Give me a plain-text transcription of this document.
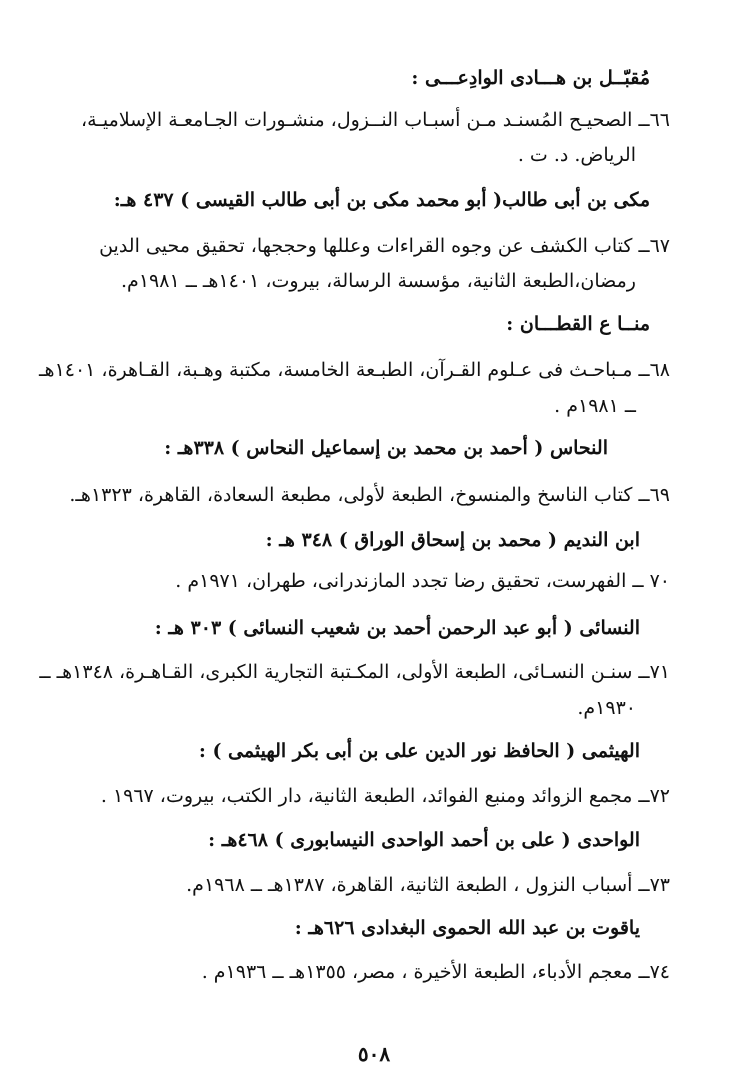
مُقبّــل بن هـــادى الوادِعـــى :
٦٦ــ الصحيـح المُسنـد مـن أسبـاب النــزول، منشـورات الجـامعـة الإسلاميـة،
الرياض. د. ت .
مكى بن أبى طالب( أبو محمد مكى بن أبى طالب القيسى ) ٤٣٧ هـ:
٦٧ــ كتاب الكشف عن وجوه القراءات وعللها وحججها، تحقيق محيى الدين
رمضان،الطبعة الثانية، مؤسسة الرسالة، بيروت، ١٤٠١هـ ــ ١٩٨١م.
منــا ع القطـــان :
٦٨ــ مـباحـث فى عـلوم القـرآن، الطبـعة الخامسة، مكتبة وهـبة، القـاهرة، ١٤٠١هـ
ــ ١٩٨١م .
النحاس ( أحمد بن محمد بن إسماعيل النحاس ) ٣٣٨هـ :
٦٩ــ كتاب الناسخ والمنسوخ، الطبعة لأولى، مطبعة السعادة، القاهرة، ١٣٢٣هـ.
ابن النديم ( محمد بن إسحاق الوراق ) ٣٤٨ هـ :
٧٠ ــ الفهرست، تحقيق رضا تجدد المازندرانى، طهران، ١٩٧١م .
النسائى ( أبو عبد الرحمن أحمد بن شعيب النسائى ) ٣٠٣ هـ :
٧١ــ سنـن النسـائى، الطبعة الأولى، المكـتبة التجارية الكبرى، القـاهـرة، ١٣٤٨هـ ــ
١٩٣٠م.
الهيثمى ( الحافظ نور الدين على بن أبى بكر الهيثمى ) :
٧٢ــ مجمع الزوائد ومنبع الفوائد، الطبعة الثانية، دار الكتب، بيروت، ١٩٦٧ .
الواحدى ( على بن أحمد الواحدى النيسابورى ) ٤٦٨هـ :
٧٣ــ أسباب النزول ، الطبعة الثانية، القاهرة، ١٣٨٧هـ ــ ١٩٦٨م.
ياقوت بن عبد الله الحموى البغدادى ٦٢٦هـ :
٧٤ــ معجم الأدباء، الطبعة الأخيرة ، مصر، ١٣٥٥هـ ــ ١٩٣٦م .
٥٠٨
